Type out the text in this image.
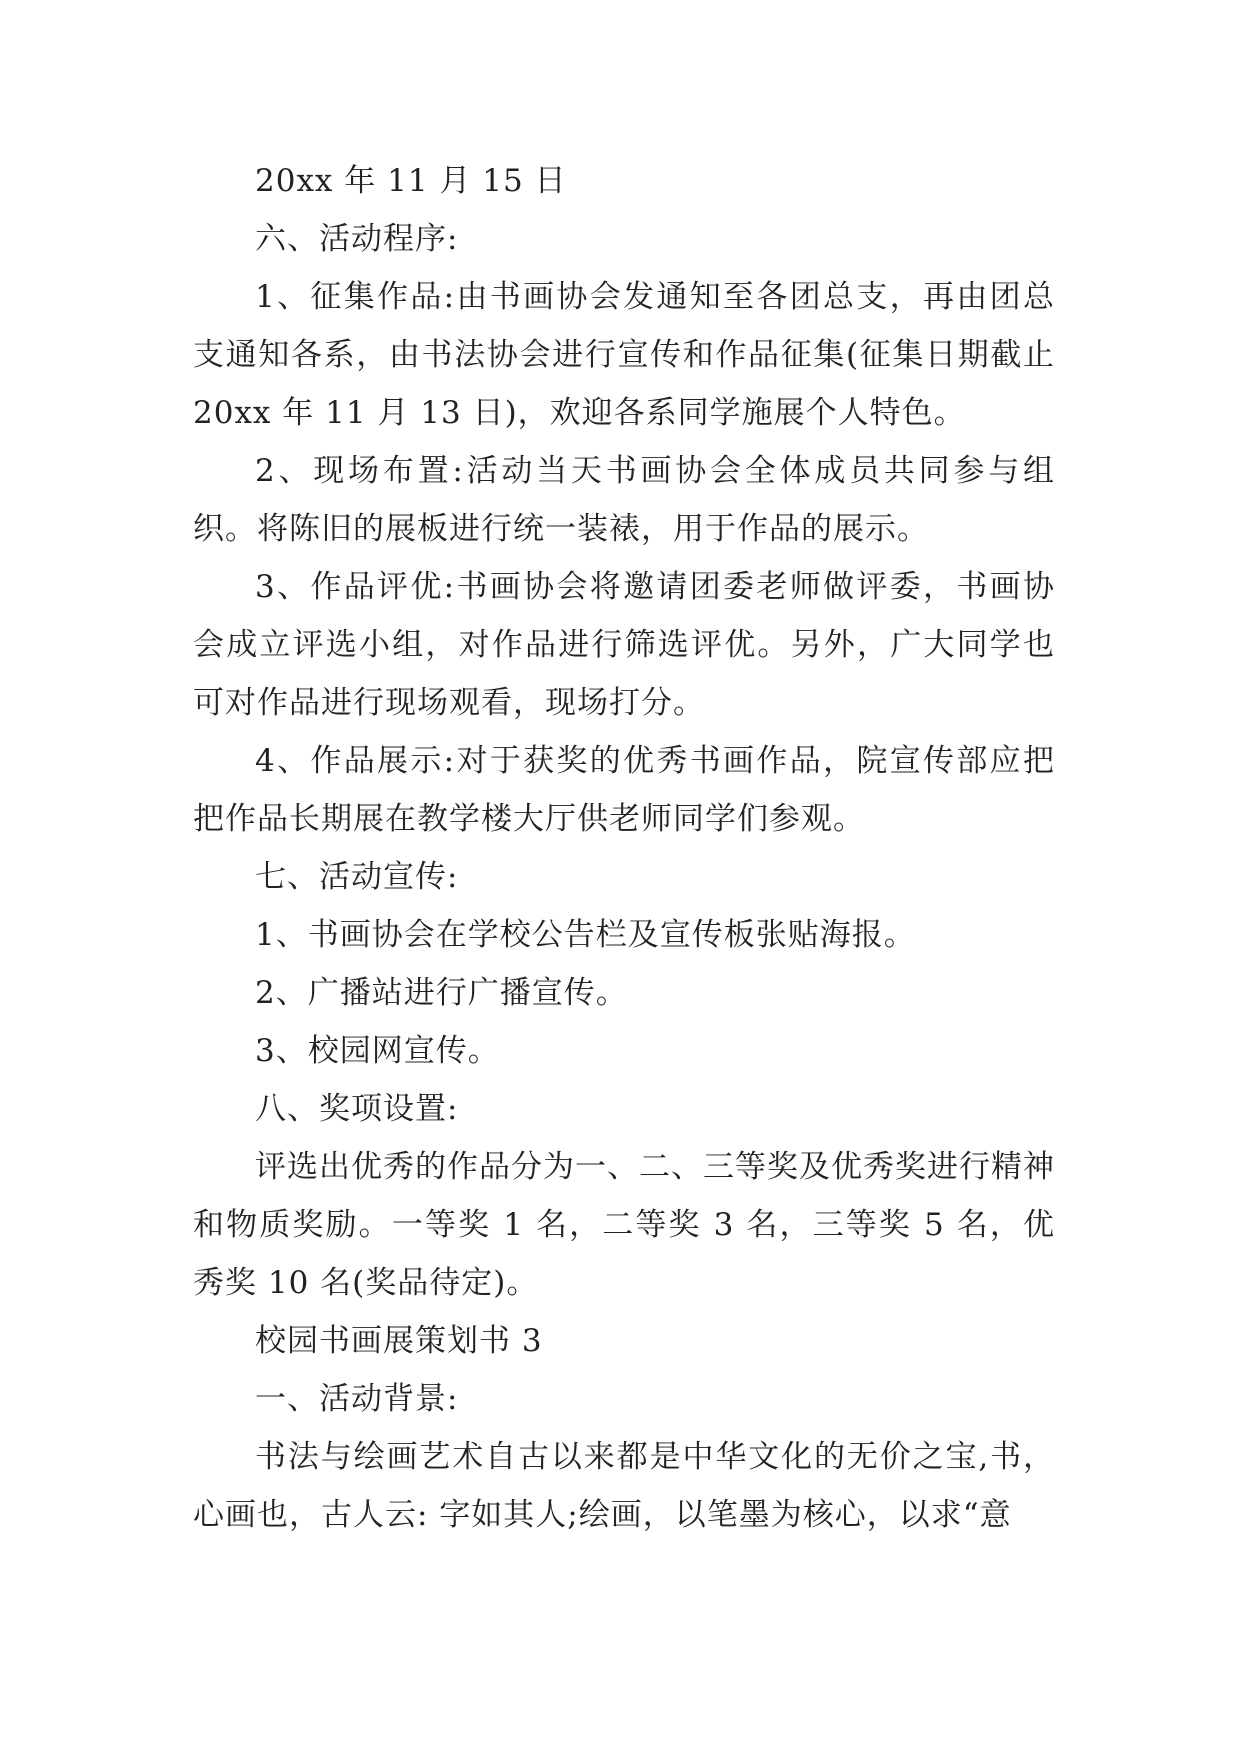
20xx 年 11 月 15 日

六、活动程序:

1、征集作品:由书画协会发通知至各团总支，再由团总支通知各系，由书法协会进行宣传和作品征集(征集日期截止 20xx 年 11 月 13 日)，欢迎各系同学施展个人特色。

2、现场布置:活动当天书画协会全体成员共同参与组织。将陈旧的展板进行统一装裱，用于作品的展示。

3、作品评优:书画协会将邀请团委老师做评委，书画协会成立评选小组，对作品进行筛选评优。另外，广大同学也可对作品进行现场观看，现场打分。

4、作品展示:对于获奖的优秀书画作品，院宣传部应把把作品长期展在教学楼大厅供老师同学们参观。

七、活动宣传:

1、书画协会在学校公告栏及宣传板张贴海报。

2、广播站进行广播宣传。

3、校园网宣传。

八、奖项设置:

评选出优秀的作品分为一、二、三等奖及优秀奖进行精神和物质奖励。一等奖 1 名，二等奖 3 名，三等奖 5 名，优秀奖 10 名(奖品待定)。

校园书画展策划书 3

一、活动背景:

书法与绘画艺术自古以来都是中华文化的无价之宝,书，心画也，古人云: 字如其人;绘画，以笔墨为核心，以求“意
